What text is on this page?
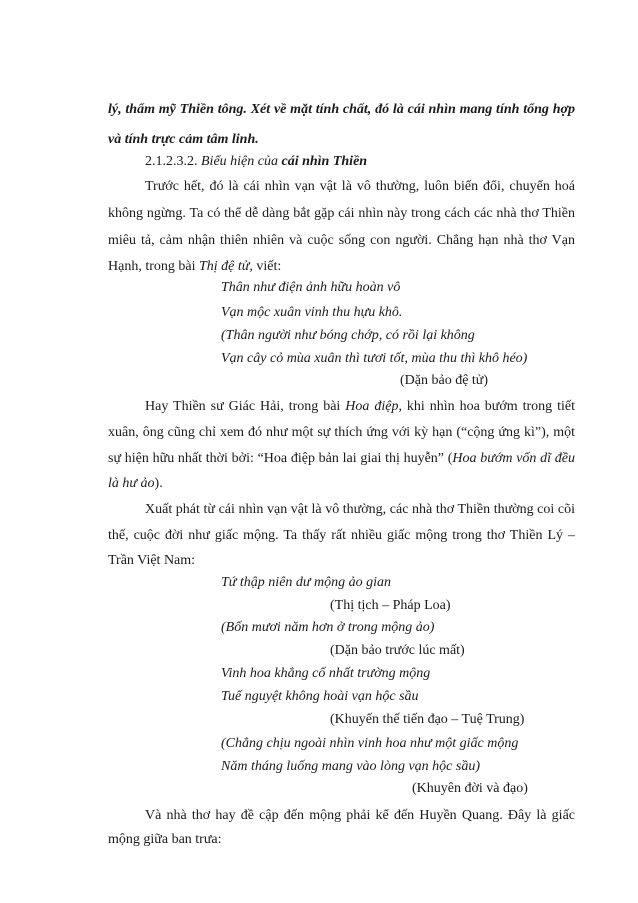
lý, thẩm mỹ Thiền tông. Xét về mặt tính chất, đó là cái nhìn mang tính tổng hợp
và tính trực cảm tâm linh.
2.1.2.3.2. Biểu hiện của cái nhìn Thiền
Trước hết, đó là cái nhìn vạn vật là vô thường, luôn biến đổi, chuyển hoá
không ngừng. Ta có thể dễ dàng bắt gặp cái nhìn này trong cách các nhà thơ Thiền
miêu tả, cảm nhận thiên nhiên và cuộc sống con người. Chẳng hạn nhà thơ Vạn
Hạnh, trong bài Thị đệ tử, viết:
Thân như điện ảnh hữu hoàn vô
Vạn mộc xuân vinh thu hựu khô.
(Thân người như bóng chớp, có rồi lại không
Vạn cây cỏ mùa xuân thì tươi tốt, mùa thu thì khô héo)
(Dặn bảo đệ tử)
Hay Thiền sư Giác Hải, trong bài Hoa điệp, khi nhìn hoa bướm trong tiết
xuân, ông cũng chỉ xem đó như một sự thích ứng với kỳ hạn (“cộng ứng kì”), một
sự hiện hữu nhất thời bởi: “Hoa điệp bản lai giai thị huyễn” (Hoa bướm vốn dĩ đều
là hư ảo).
Xuất phát từ cái nhìn vạn vật là vô thường, các nhà thơ Thiền thường coi cõi
thế, cuộc đời như giấc mộng. Ta thấy rất nhiều giấc mộng trong thơ Thiền Lý –
Trần Việt Nam:
Tứ thập niên dư mộng ảo gian
(Thị tịch – Pháp Loa)
(Bốn mươi năm hơn ở trong mộng ảo)
(Dặn bảo trước lúc mất)
Vinh hoa khẳng cố nhất trường mộng
Tuế nguyệt không hoài vạn hộc sầu
(Khuyến thế tiến đạo – Tuệ Trung)
(Chẳng chịu ngoài nhìn vinh hoa như một giấc mộng
Năm tháng luống mang vào lòng vạn hộc sầu)
(Khuyên đời và đạo)
Và nhà thơ hay đề cập đến mộng phải kể đến Huyền Quang. Đây là giấc
mộng giữa ban trưa:
